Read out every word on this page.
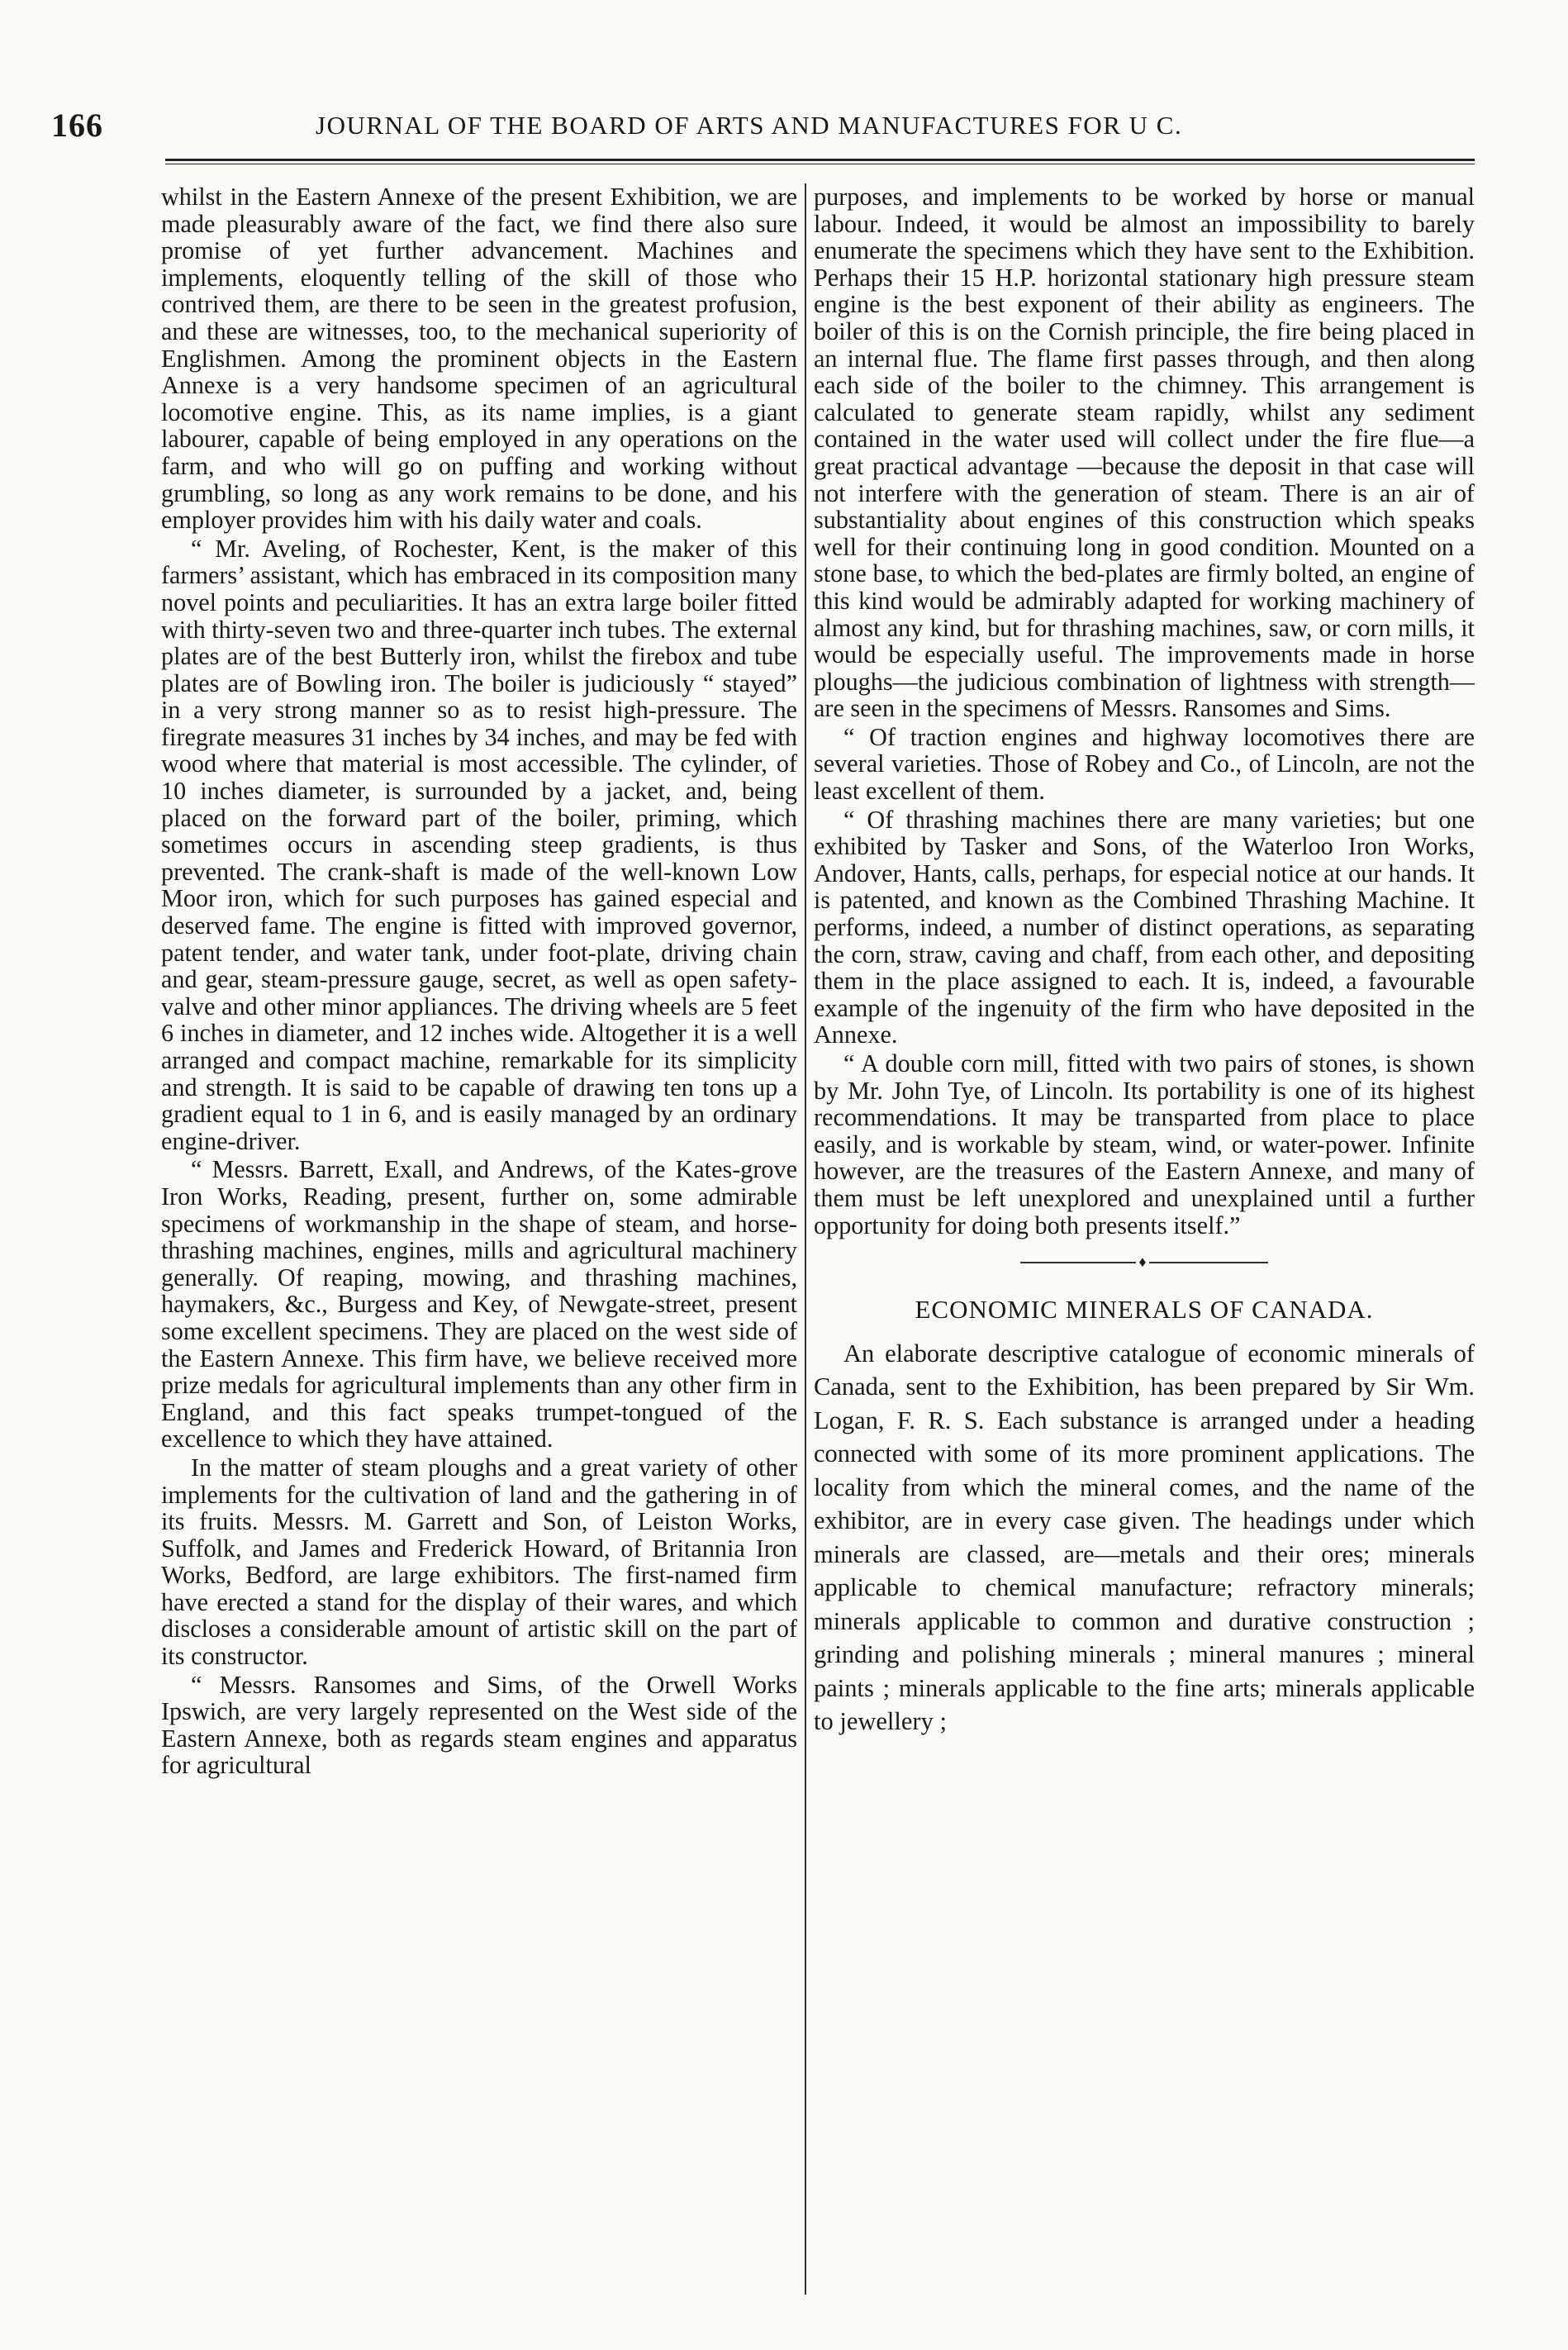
166	JOURNAL OF THE BOARD OF ARTS AND MANUFACTURES FOR U C.

whilst in the Eastern Annexe of the present Exhibition, we are made pleasurably aware of the fact, we find there also sure promise of yet further advancement. Machines and implements, eloquently telling of the skill of those who contrived them, are there to be seen in the greatest profusion, and these are witnesses, too, to the mechanical superiority of Englishmen. Among the prominent objects in the Eastern Annexe is a very handsome specimen of an agricultural locomotive engine. This, as its name implies, is a giant labourer, capable of being employed in any operations on the farm, and who will go on puffing and working without grumbling, so long as any work remains to be done, and his employer provides him with his daily water and coals.

“ Mr. Aveling, of Rochester, Kent, is the maker of this farmers’ assistant, which has embraced in its composition many novel points and peculiarities. It has an extra large boiler fitted with thirty-seven two and three-quarter inch tubes. The external plates are of the best Butterly iron, whilst the firebox and tube plates are of Bowling iron. The boiler is judiciously “ stayed” in a very strong manner so as to resist high-pressure. The firegrate measures 31 inches by 34 inches, and may be fed with wood where that material is most accessible. The cylinder, of 10 inches diameter, is surrounded by a jacket, and, being placed on the forward part of the boiler, priming, which sometimes occurs in ascending steep gradients, is thus prevented. The crank-shaft is made of the well-known Low Moor iron, which for such purposes has gained especial and deserved fame. The engine is fitted with improved governor, patent tender, and water tank, under foot-plate, driving chain and gear, steam-pressure gauge, secret, as well as open safety-valve and other minor appliances. The driving wheels are 5 feet 6 inches in diameter, and 12 inches wide. Altogether it is a well arranged and compact machine, remarkable for its simplicity and strength. It is said to be capable of drawing ten tons up a gradient equal to 1 in 6, and is easily managed by an ordinary engine-driver.

“ Messrs. Barrett, Exall, and Andrews, of the Kates-grove Iron Works, Reading, present, further on, some admirable specimens of workmanship in the shape of steam, and horse-thrashing machines, engines, mills and agricultural machinery generally. Of reaping, mowing, and thrashing machines, haymakers, &c., Burgess and Key, of Newgate-street, present some excellent specimens. They are placed on the west side of the Eastern Annexe. This firm have, we believe received more prize medals for agricultural implements than any other firm in England, and this fact speaks trumpet-tongued of the excellence to which they have attained.

In the matter of steam ploughs and a great variety of other implements for the cultivation of land and the gathering in of its fruits. Messrs. M. Garrett and Son, of Leiston Works, Suffolk, and James and Frederick Howard, of Britannia Iron Works, Bedford, are large exhibitors. The first-named firm have erected a stand for the display of their wares, and which discloses a considerable amount of artistic skill on the part of its constructor.

“ Messrs. Ransomes and Sims, of the Orwell Works Ipswich, are very largely represented on the West side of the Eastern Annexe, both as regards steam engines and apparatus for agricultural

purposes, and implements to be worked by horse or manual labour. Indeed, it would be almost an impossibility to barely enumerate the specimens which they have sent to the Exhibition. Perhaps their 15 H.P. horizontal stationary high pressure steam engine is the best exponent of their ability as engineers. The boiler of this is on the Cornish principle, the fire being placed in an internal flue. The flame first passes through, and then along each side of the boiler to the chimney. This arrangement is calculated to generate steam rapidly, whilst any sediment contained in the water used will collect under the fire flue—a great practical advantage —because the deposit in that case will not interfere with the generation of steam. There is an air of substantiality about engines of this construction which speaks well for their continuing long in good condition. Mounted on a stone base, to which the bed-plates are firmly bolted, an engine of this kind would be admirably adapted for working machinery of almost any kind, but for thrashing machines, saw, or corn mills, it would be especially useful. The improvements made in horse ploughs—the judicious combination of lightness with strength—are seen in the specimens of Messrs. Ransomes and Sims.

“ Of traction engines and highway locomotives there are several varieties. Those of Robey and Co., of Lincoln, are not the least excellent of them.

“ Of thrashing machines there are many varieties; but one exhibited by Tasker and Sons, of the Waterloo Iron Works, Andover, Hants, calls, perhaps, for especial notice at our hands. It is patented, and known as the Combined Thrashing Machine. It performs, indeed, a number of distinct operations, as separating the corn, straw, caving and chaff, from each other, and depositing them in the place assigned to each. It is, indeed, a favourable example of the ingenuity of the firm who have deposited in the Annexe.

“ A double corn mill, fitted with two pairs of stones, is shown by Mr. John Tye, of Lincoln. Its portability is one of its highest recommendations. It may be transparted from place to place easily, and is workable by steam, wind, or water-power. Infinite however, are the treasures of the Eastern Annexe, and many of them must be left unexplored and unexplained until a further opportunity for doing both presents itself.”

♦
ECONOMIC MINERALS OF CANADA.

An elaborate descriptive catalogue of economic minerals of Canada, sent to the Exhibition, has been prepared by Sir Wm. Logan, F. R. S. Each substance is arranged under a heading connected with some of its more prominent applications. The locality from which the mineral comes, and the name of the exhibitor, are in every case given. The headings under which minerals are classed, are—metals and their ores; minerals applicable to chemical manufacture; refractory minerals; minerals applicable to common and durative construction ; grinding and polishing minerals ; mineral manures ; mineral paints ; minerals applicable to the fine arts; minerals applicable to jewellery ;
